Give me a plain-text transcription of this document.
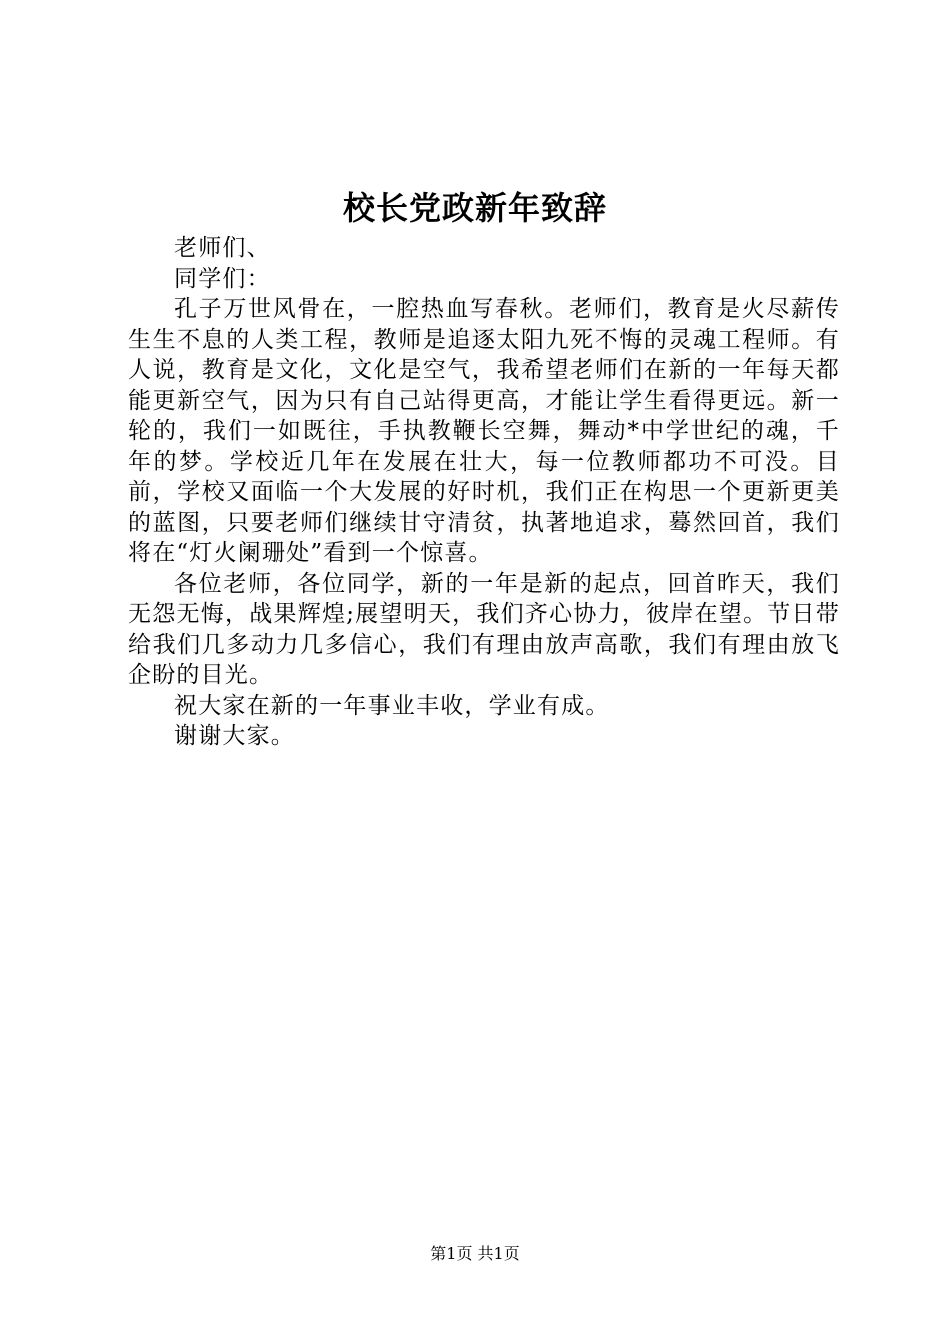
校长党政新年致辞

老师们、

同学们：

孔子万世风骨在，一腔热血写春秋。老师们，教育是火尽薪传生生不息的人类工程，教师是追逐太阳九死不悔的灵魂工程师。有人说，教育是文化，文化是空气，我希望老师们在新的一年每天都能更新空气，因为只有自己站得更高，才能让学生看得更远。新一轮的，我们一如既往，手执教鞭长空舞，舞动*中学世纪的魂，千年的梦。学校近几年在发展在壮大，每一位教师都功不可没。目前，学校又面临一个大发展的好时机，我们正在构思一个更新更美的蓝图，只要老师们继续甘守清贫，执著地追求，蓦然回首，我们将在“灯火阑珊处”看到一个惊喜。

各位老师，各位同学，新的一年是新的起点，回首昨天，我们无怨无悔，战果辉煌;展望明天，我们齐心协力，彼岸在望。节日带给我们几多动力几多信心，我们有理由放声高歌，我们有理由放飞企盼的目光。

祝大家在新的一年事业丰收，学业有成。

谢谢大家。

第1页 共1页
